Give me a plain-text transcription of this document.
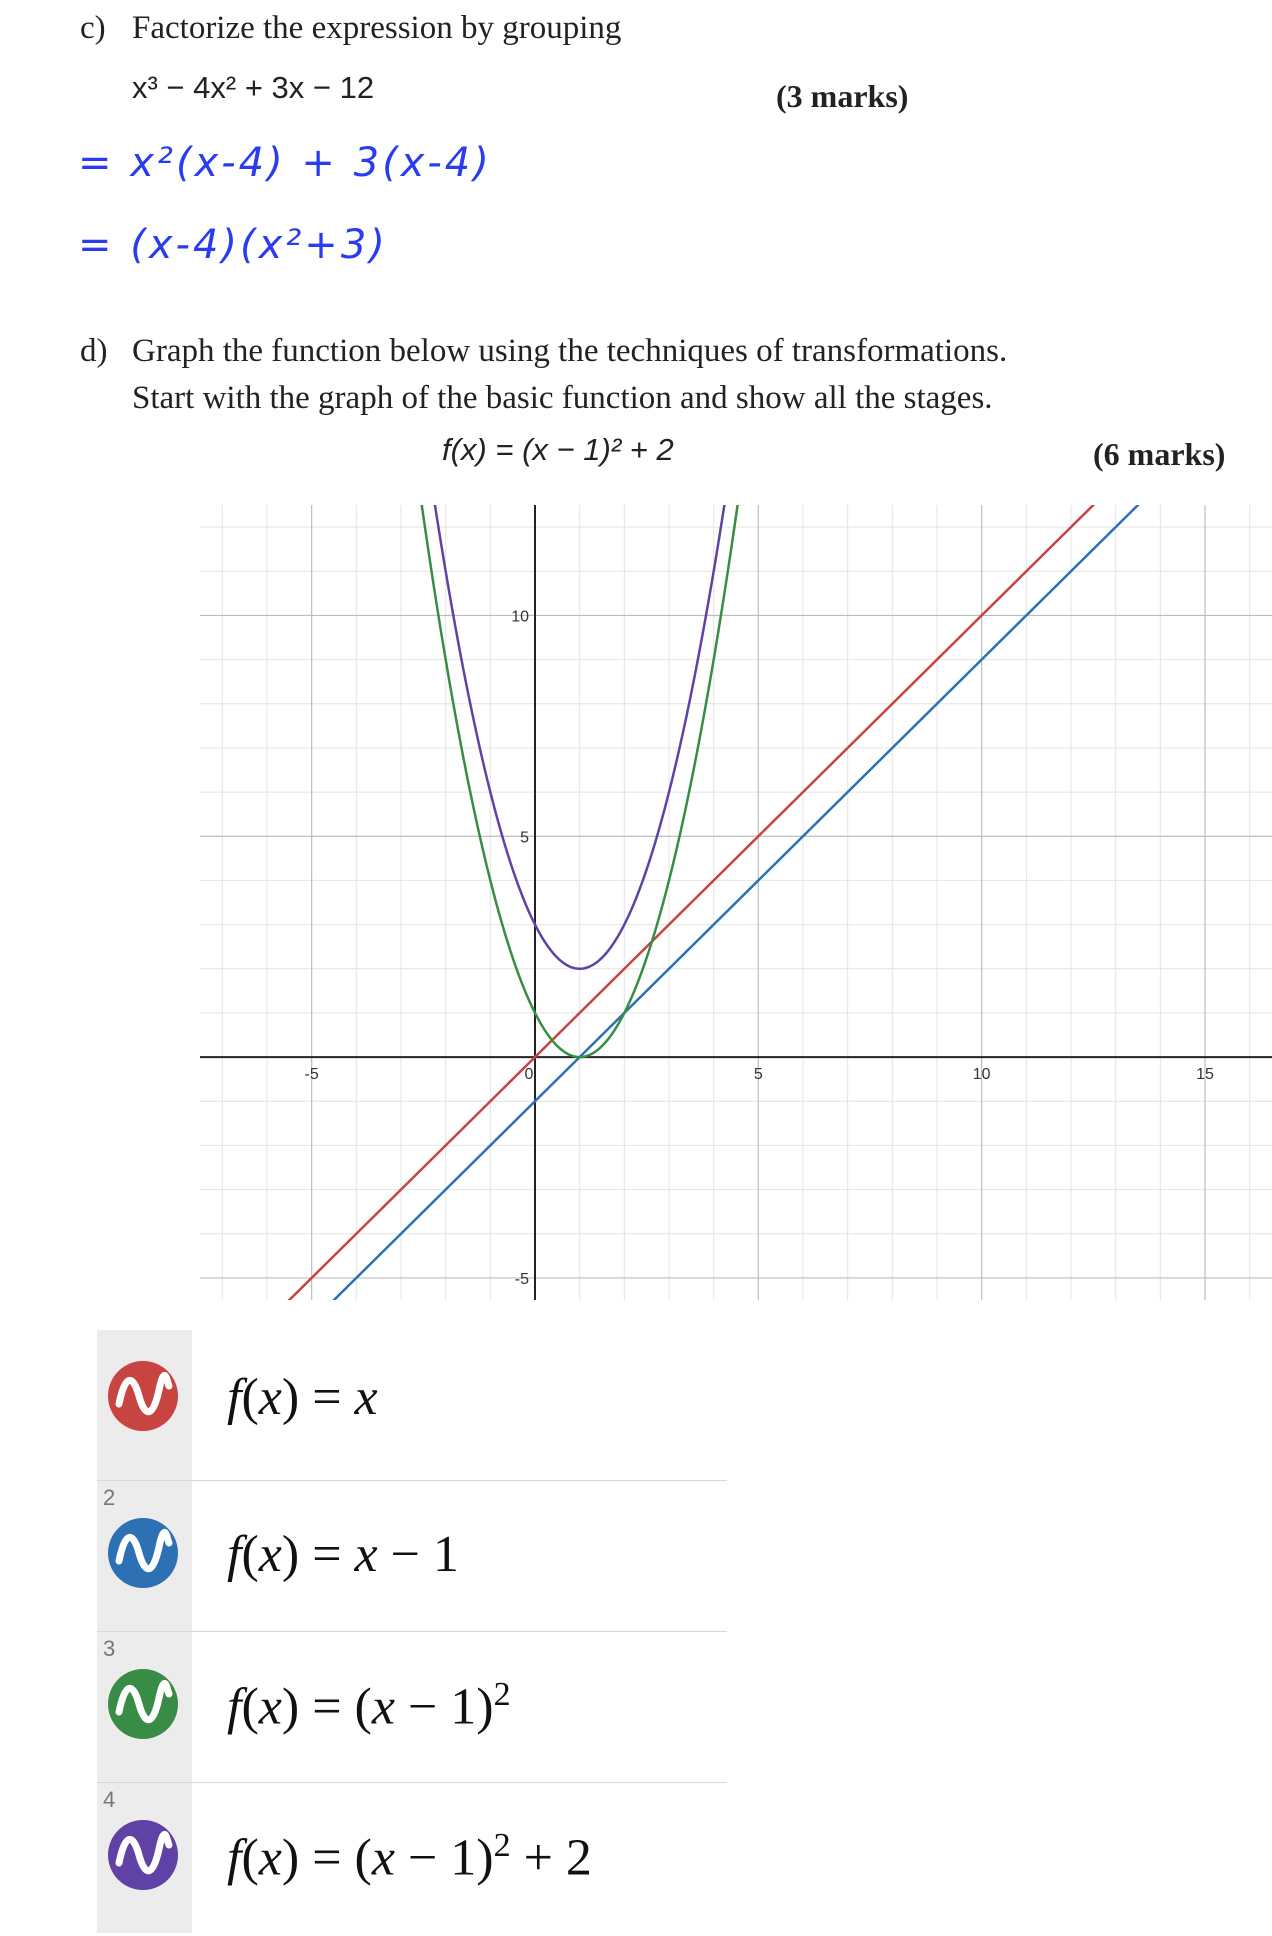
c) Factorize the expression by grouping
x³ − 4x² + 3x − 12	(3 marks)
= x²(x-4) + 3(x-4)
= (x-4)(x²+3)
d) Graph the function below using the techniques of transformations.
Start with the graph of the basic function and show all the stages.
f(x) = (x − 1)² + 2	(6 marks)
-5	0	5	10	15
10
5
-5
f(x) = x
2
f(x) = x − 1
3
$f(x) = (x - 1)^2$
4
$f(x) = (x - 1)^2 + 2$
